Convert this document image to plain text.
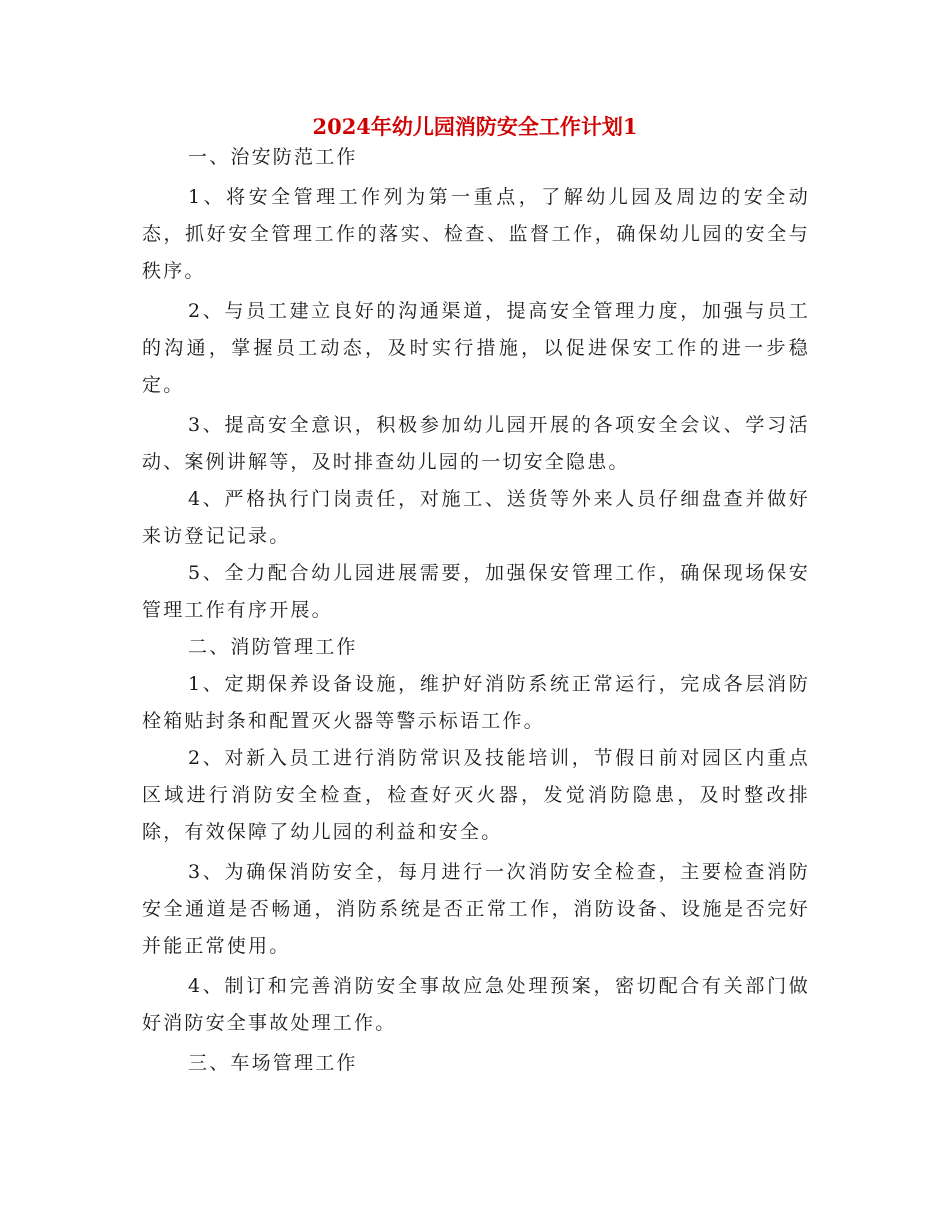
2024年幼儿园消防安全工作计划1

一、治安防范工作

1、将安全管理工作列为第一重点，了解幼儿园及周边的安全动态，抓好安全管理工作的落实、检查、监督工作，确保幼儿园的安全与秩序。

2、与员工建立良好的沟通渠道，提高安全管理力度，加强与员工的沟通，掌握员工动态，及时实行措施，以促进保安工作的进一步稳定。

3、提高安全意识，积极参加幼儿园开展的各项安全会议、学习活动、案例讲解等，及时排查幼儿园的一切安全隐患。

4、严格执行门岗责任，对施工、送货等外来人员仔细盘查并做好来访登记记录。

5、全力配合幼儿园进展需要，加强保安管理工作，确保现场保安管理工作有序开展。

二、消防管理工作

1、定期保养设备设施，维护好消防系统正常运行，完成各层消防栓箱贴封条和配置灭火器等警示标语工作。

2、对新入员工进行消防常识及技能培训，节假日前对园区内重点区域进行消防安全检查，检查好灭火器，发觉消防隐患，及时整改排除，有效保障了幼儿园的利益和安全。

3、为确保消防安全，每月进行一次消防安全检查，主要检查消防安全通道是否畅通，消防系统是否正常工作，消防设备、设施是否完好并能正常使用。

4、制订和完善消防安全事故应急处理预案，密切配合有关部门做好消防安全事故处理工作。

三、车场管理工作
